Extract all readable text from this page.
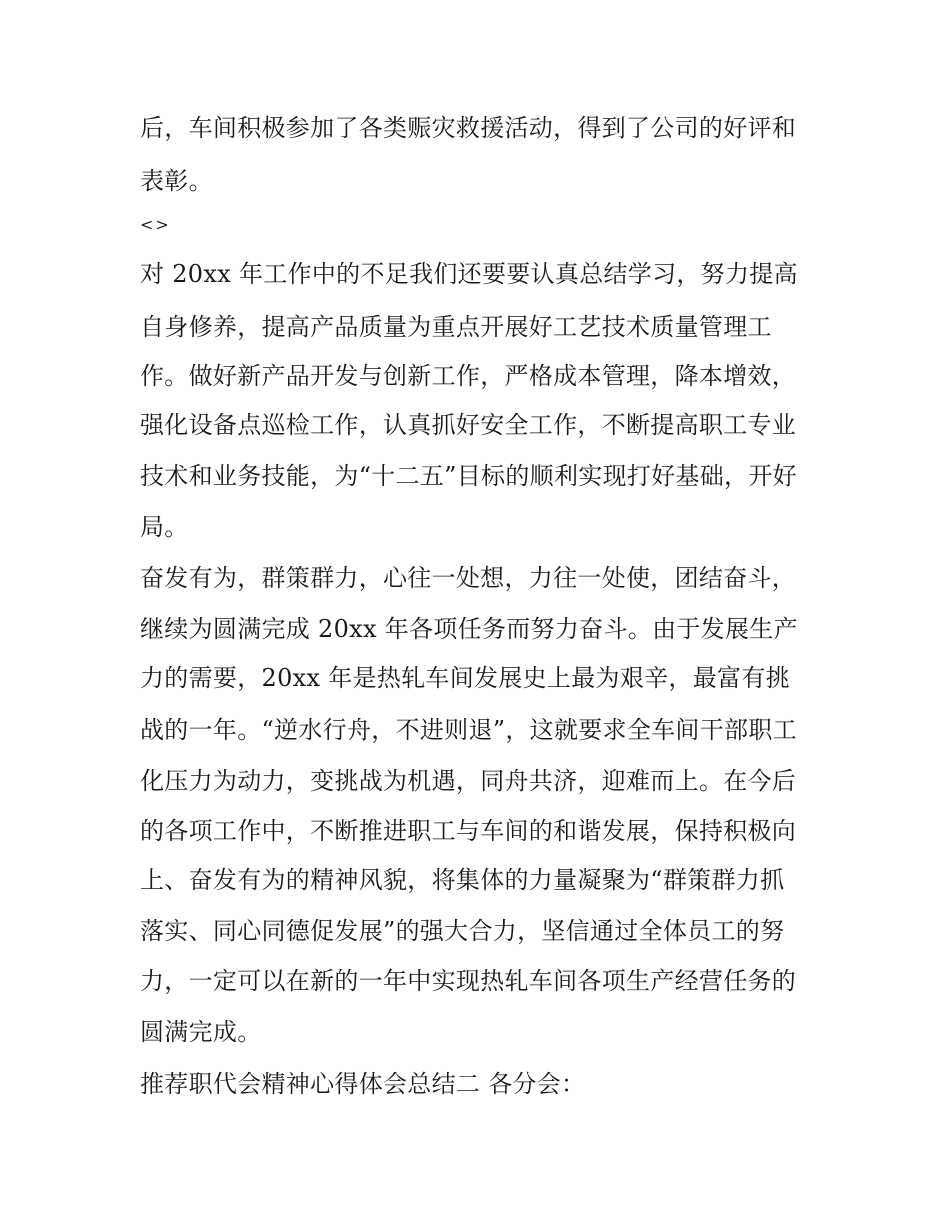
后，车间积极参加了各类赈灾救援活动，得到了公司的好评和
表彰。
<>
对 20xx 年工作中的不足我们还要要认真总结学习，努力提高
自身修养，提高产品质量为重点开展好工艺技术质量管理工
作。做好新产品开发与创新工作，严格成本管理，降本增效，
强化设备点巡检工作，认真抓好安全工作，不断提高职工专业
技术和业务技能，为“十二五”目标的顺利实现打好基础，开好
局。
奋发有为，群策群力，心往一处想，力往一处使，团结奋斗，
继续为圆满完成 20xx 年各项任务而努力奋斗。由于发展生产
力的需要，20xx 年是热轧车间发展史上最为艰辛，最富有挑
战的一年。“逆水行舟，不进则退”，这就要求全车间干部职工
化压力为动力，变挑战为机遇，同舟共济，迎难而上。在今后
的各项工作中，不断推进职工与车间的和谐发展，保持积极向
上、奋发有为的精神风貌，将集体的力量凝聚为“群策群力抓
落实、同心同德促发展”的强大合力，坚信通过全体员工的努
力，一定可以在新的一年中实现热轧车间各项生产经营任务的
圆满完成。
推荐职代会精神心得体会总结二 各分会：
